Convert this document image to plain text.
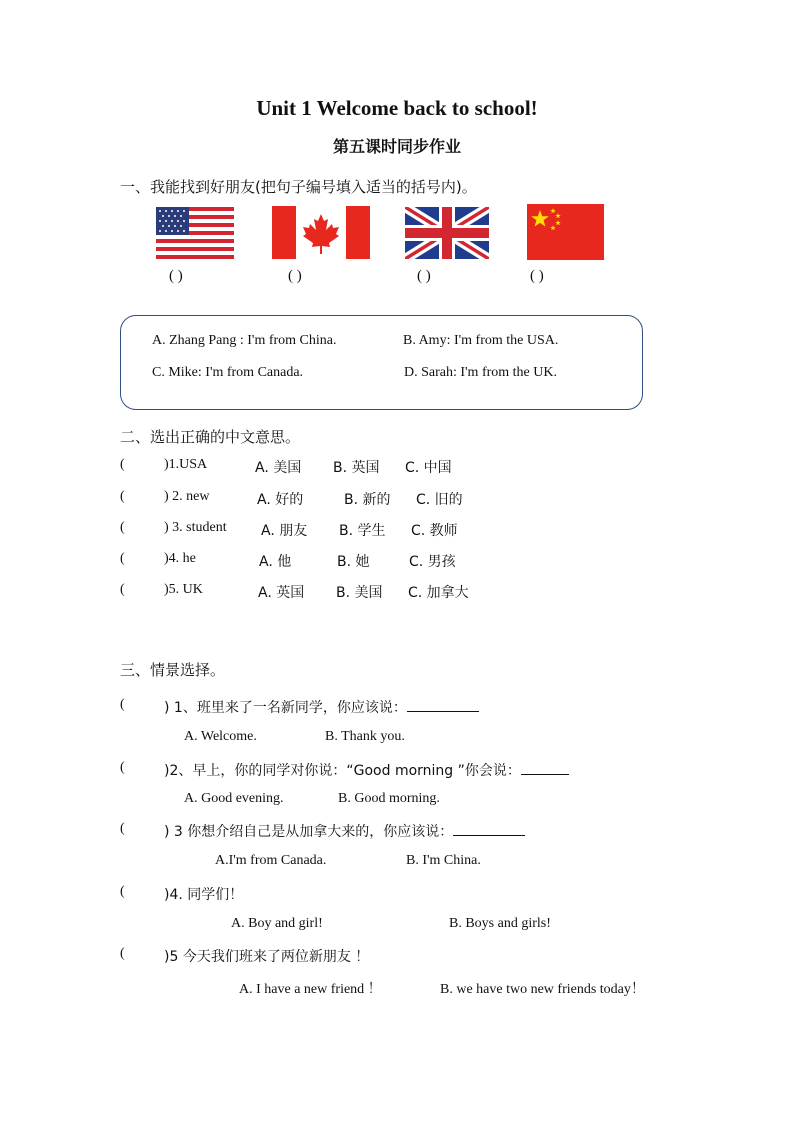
Unit 1 Welcome back to school!
第五课时同步作业
一、我能找到好朋友(把句子编号填入适当的括号内)。
( )	( )	( )	( )
A. Zhang Pang : I'm from China.	B. Amy: I'm from the USA.
C. Mike: I'm from Canada.	D. Sarah: I'm from the UK.
二、选出正确的中文意思。
(	)1.USA	A. 美国 B. 英国 C. 中国
(	) 2. new	A. 好的	B. 新的 C. 旧的
(	) 3. student A. 朋友 B. 学生 C. 教师
(	)4. he	A. 他	B. 她	C. 男孩
(	)5. UK	A. 英国 B. 美国 C. 加拿大
三、情景选择。
(	) 1、班里来了一名新同学，你应该说：
A. Welcome.	B. Thank you.
(	)2、早上，你的同学对你说：“Good morning ”你会说：
A. Good evening.	B. Good morning.
(	) 3 你想介绍自己是从加拿大来的，你应该说：
A.I'm from Canada.	B. I'm China.
(	)4. 同学们！
A. Boy and girl!	B. Boys and girls!
(	)5 今天我们班来了两位新朋友 ！
A. I have a new friend ！	B. we have two new friends today！
